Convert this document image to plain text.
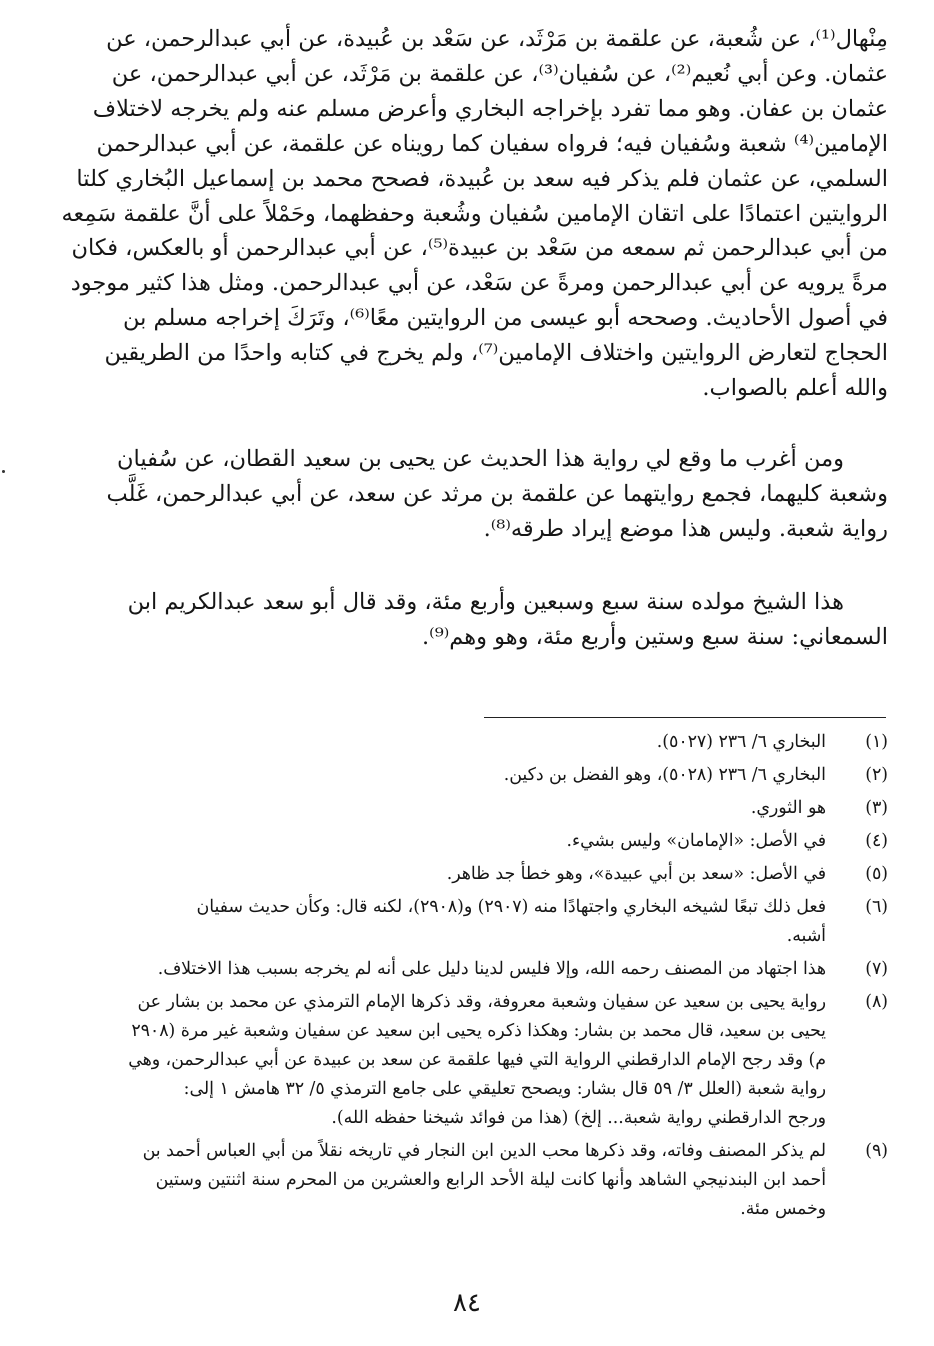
مِنْهال⁽¹⁾، عن شُعبة، عن علقمة بن مَرْثَد، عن سَعْد بن عُبيدة، عن أبي عبدالرحمن، عن
عثمان. وعن أبي نُعيم⁽²⁾، عن سُفيان⁽³⁾، عن علقمة بن مَرْثَد، عن أبي عبدالرحمن، عن
عثمان بن عفان. وهو مما تفرد بإخراجه البخاري وأعرض مسلم عنه ولم يخرجه لاختلاف
الإمامين⁽⁴⁾ شعبة وسُفيان فيه؛ فرواه سفيان كما رويناه عن علقمة، عن أبي عبدالرحمن
السلمي، عن عثمان فلم يذكر فيه سعد بن عُبيدة، فصحح محمد بن إسماعيل البُخاري كلتا
الروايتين اعتمادًا على اتقان الإمامين سُفيان وشُعبة وحفظهما، وحَمْلاً على أنَّ علقمة سَمِعه
من أبي عبدالرحمن ثم سمعه من سَعْد بن عبيدة⁽⁵⁾، عن أبي عبدالرحمن أو بالعكس، فكان
مرةً يرويه عن أبي عبدالرحمن ومرةً عن سَعْد، عن أبي عبدالرحمن. ومثل هذا كثير موجود
في أصول الأحاديث. وصححه أبو عيسى من الروايتين معًا⁽⁶⁾، وتَرَكَ إخراجه مسلم بن
الحجاج لتعارض الروايتين واختلاف الإمامين⁽⁷⁾، ولم يخرج في كتابه واحدًا من الطريقين
والله أعلم بالصواب.

ومن أغرب ما وقع لي رواية هذا الحديث عن يحيى بن سعيد القطان، عن سُفيان
وشعبة كليهما، فجمع روايتهما عن علقمة بن مرثد عن سعد، عن أبي عبدالرحمن، غَلَّب
رواية شعبة. وليس هذا موضع إيراد طرقه⁽⁸⁾.

هذا الشيخ مولده سنة سبع وسبعين وأربع مئة، وقد قال أبو سعد عبدالكريم ابن
السمعاني: سنة سبع وستين وأربع مئة، وهو وهم⁽⁹⁾.

(١)
البخاري ٦/ ٢٣٦ (٥٠٢٧).
(٢)
البخاري ٦/ ٢٣٦ (٥٠٢٨)، وهو الفضل بن دكين.
(٣)
هو الثوري.
(٤)
في الأصل: «الإمامان» وليس بشيء.
(٥)
في الأصل: «سعد بن أبي عبيدة»، وهو خطأ جد ظاهر.
(٦)
فعل ذلك تبعًا لشيخه البخاري واجتهادًا منه (٢٩٠٧) و(٢٩٠٨)، لكنه قال: وكأن حديث سفيان
أشبه.
(٧)
هذا اجتهاد من المصنف رحمه الله، وإلا فليس لدينا دليل على أنه لم يخرجه بسبب هذا الاختلاف.
(٨)
رواية يحيى بن سعيد عن سفيان وشعبة معروفة، وقد ذكرها الإمام الترمذي عن محمد بن بشار عن
يحيى بن سعيد، قال محمد بن بشار: وهكذا ذكره يحيى ابن سعيد عن سفيان وشعبة غير مرة (٢٩٠٨
م) وقد رجح الإمام الدارقطني الرواية التي فيها علقمة عن سعد بن عبيدة عن أبي عبدالرحمن، وهي
رواية شعبة (العلل ٣/ ٥٩ قال بشار: ويصحح تعليقي على جامع الترمذي ٥/ ٣٢ هامش ١ إلى:
ورجح الدارقطني رواية شعبة... إلخ) (هذا من فوائد شيخنا حفظه الله).
(٩)
لم يذكر المصنف وفاته، وقد ذكرها محب الدين ابن النجار في تاريخه نقلاً من أبي العباس أحمد بن
أحمد ابن البندنيجي الشاهد وأنها كانت ليلة الأحد الرابع والعشرين من المحرم سنة اثنتين وستين
وخمس مئة.
٨٤
